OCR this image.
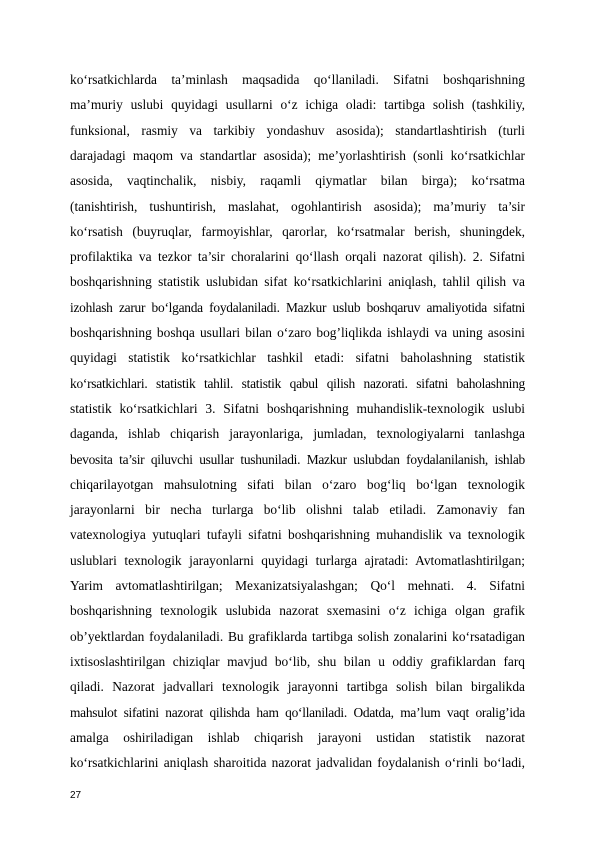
ko‘rsatkichlarda ta’minlash maqsadida qo‘llaniladi. Sifatni boshqarishning
ma’muriy uslubi quyidagi usullarni o‘z ichiga oladi: tartibga solish (tashkiliy,
funksional, rasmiy va tarkibiy yondashuv asosida); standartlashtirish (turli
darajadagi maqom va standartlar asosida); me’yorlashtirish (sonli ko‘rsatkichlar
asosida, vaqtinchalik, nisbiy, raqamli qiymatlar bilan birga); ko‘rsatma
(tanishtirish, tushuntirish, maslahat, ogohlantirish asosida); ma’muriy ta’sir
ko‘rsatish (buyruqlar, farmoyishlar, qarorlar, ko‘rsatmalar berish, shuningdek,
profilaktika va tezkor ta’sir choralarini qo‘llash orqali nazorat qilish). 2. Sifatni
boshqarishning statistik uslubidan sifat ko‘rsatkichlarini aniqlash, tahlil qilish va
izohlash zarur bo‘lganda foydalaniladi. Mazkur uslub boshqaruv amaliyotida sifatni
boshqarishning boshqa usullari bilan o‘zaro bog’liqlikda ishlaydi va uning asosini
quyidagi statistik ko‘rsatkichlar tashkil etadi: sifatni baholashning statistik
ko‘rsatkichlari. statistik tahlil. statistik qabul qilish nazorati. sifatni baholashning
statistik ko‘rsatkichlari 3. Sifatni boshqarishning muhandislik-texnologik uslubi
daganda, ishlab chiqarish jarayonlariga, jumladan, texnologiyalarni tanlashga
bevosita ta’sir qiluvchi usullar tushuniladi. Mazkur uslubdan foydalanilanish, ishlab
chiqarilayotgan mahsulotning sifati bilan o‘zaro bog‘liq bo‘lgan texnologik
jarayonlarni bir necha turlarga bo‘lib olishni talab etiladi. Zamonaviy fan
vatexnologiya yutuqlari tufayli sifatni boshqarishning muhandislik va texnologik
uslublari texnologik jarayonlarni quyidagi turlarga ajratadi: Avtomatlashtirilgan;
Yarim avtomatlashtirilgan; Mexanizatsiyalashgan; Qo‘l mehnati. 4. Sifatni
boshqarishning texnologik uslubida nazorat sxemasini o‘z ichiga olgan grafik
ob’yektlardan foydalaniladi. Bu grafiklarda tartibga solish zonalarini ko‘rsatadigan
ixtisoslashtirilgan chiziqlar mavjud bo‘lib, shu bilan u oddiy grafiklardan farq
qiladi. Nazorat jadvallari texnologik jarayonni tartibga solish bilan birgalikda
mahsulot sifatini nazorat qilishda ham qo‘llaniladi. Odatda, ma’lum vaqt oralig’ida
amalga oshiriladigan ishlab chiqarish jarayoni ustidan statistik nazorat
ko‘rsatkichlarini aniqlash sharoitida nazorat jadvalidan foydalanish o‘rinli bo‘ladi,
27
